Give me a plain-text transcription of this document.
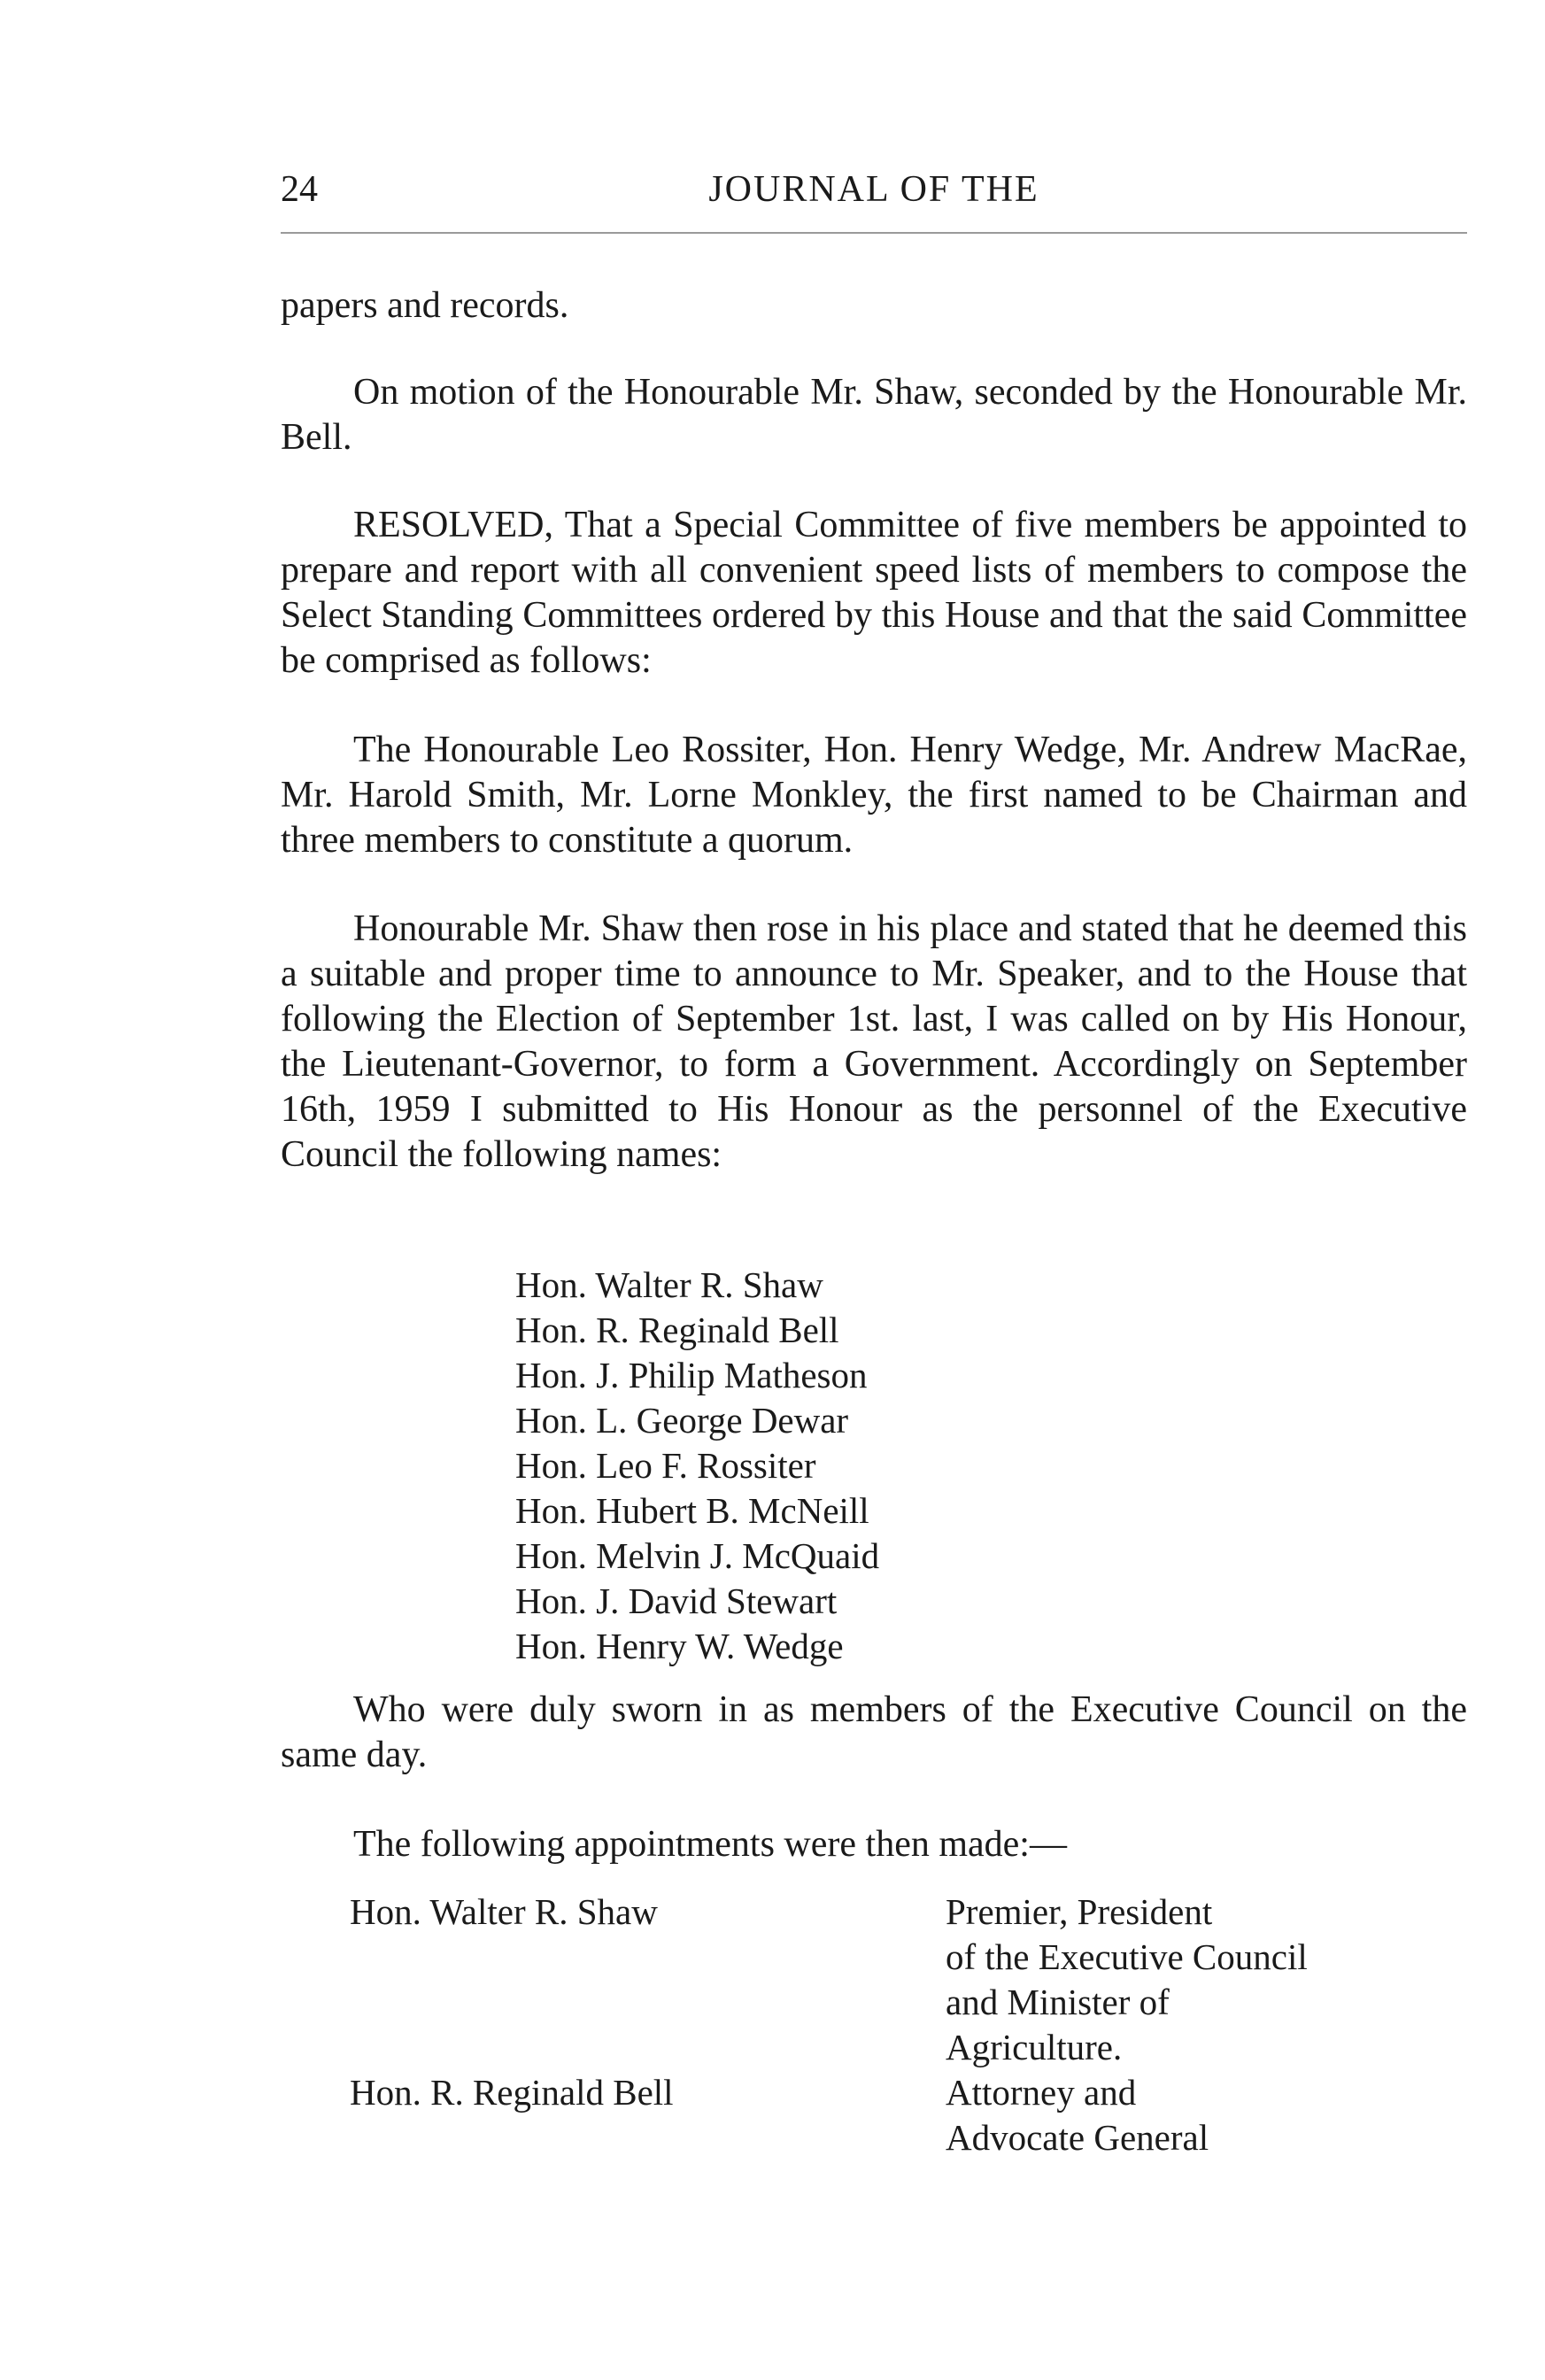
24	JOURNAL OF THE
papers and records.
On motion of the Honourable Mr. Shaw, seconded by the Honourable Mr. Bell.
RESOLVED, That a Special Committee of five members be appointed to prepare and report with all convenient speed lists of members to compose the Select Standing Committees ordered by this House and that the said Committee be comprised as follows:
The Honourable Leo Rossiter, Hon. Henry Wedge, Mr. Andrew MacRae, Mr. Harold Smith, Mr. Lorne Monkley, the first named to be Chairman and three members to constitute a quorum.
Honourable Mr. Shaw then rose in his place and stated that he deemed this a suitable and proper time to announce to Mr. Speaker, and to the House that following the Election of September 1st. last, I was called on by His Honour, the Lieutenant-Governor, to form a Government. Accordingly on September 16th, 1959 I submitted to His Honour as the personnel of the Executive Council the following names:
Hon. Walter R. Shaw
Hon. R. Reginald Bell
Hon. J. Philip Matheson
Hon. L. George Dewar
Hon. Leo F. Rossiter
Hon. Hubert B. McNeill
Hon. Melvin J. McQuaid
Hon. J. David Stewart
Hon. Henry W. Wedge
Who were duly sworn in as members of the Executive Council on the same day.
The following appointments were then made:—
Hon. Walter R. Shaw	Premier, President
of the Executive Council
and Minister of
Agriculture.
Hon. R. Reginald Bell	Attorney and
Advocate General
